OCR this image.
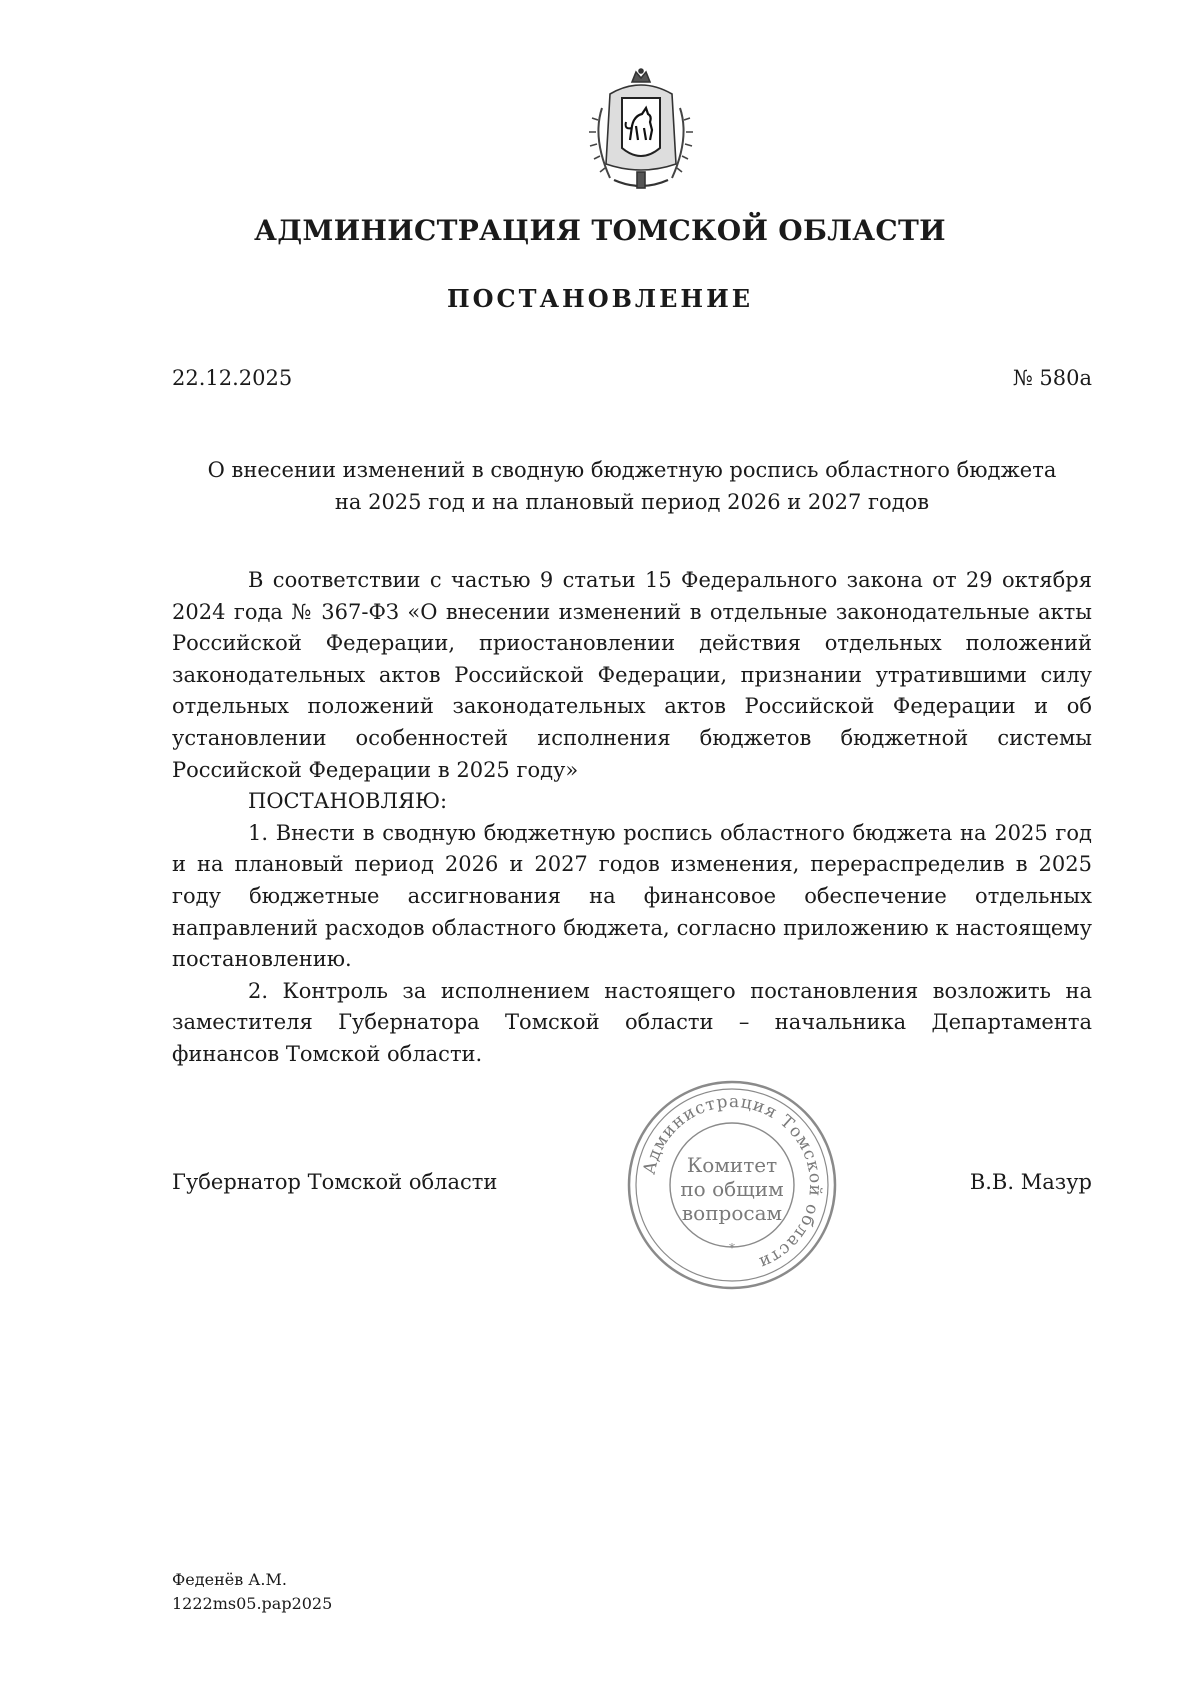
АДМИНИСТРАЦИЯ ТОМСКОЙ ОБЛАСТИ
ПОСТАНОВЛЕНИЕ
22.12.2025	№ 580а
О внесении изменений в сводную бюджетную роспись областного бюджета
на 2025 год и на плановый период 2026 и 2027 годов

В соответствии с частью 9 статьи 15 Федерального закона от 29 октября 2024 года № 367-ФЗ «О внесении изменений в отдельные законодательные акты Российской Федерации, приостановлении действия отдельных положений законодательных актов Российской Федерации, признании утратившими силу отдельных положений законодательных актов Российской Федерации и об установлении особенностей исполнения бюджетов бюджетной системы Российской Федерации в 2025 году»

ПОСТАНОВЛЯЮ:

1. Внести в сводную бюджетную роспись областного бюджета на 2025 год и на плановый период 2026 и 2027 годов изменения, перераспределив в 2025 году бюджетные ассигнования на финансовое обеспечение отдельных направлений расходов областного бюджета, согласно приложению к настоящему постановлению.

2. Контроль за исполнением настоящего постановления возложить на заместителя Губернатора Томской области – начальника Департамента финансов Томской области.

Губернатор Томской области	В.В. Мазур
Администрация Томской области
*
Комитет
по общим
вопросам
Феденёв А.М.
1222ms05.pap2025
